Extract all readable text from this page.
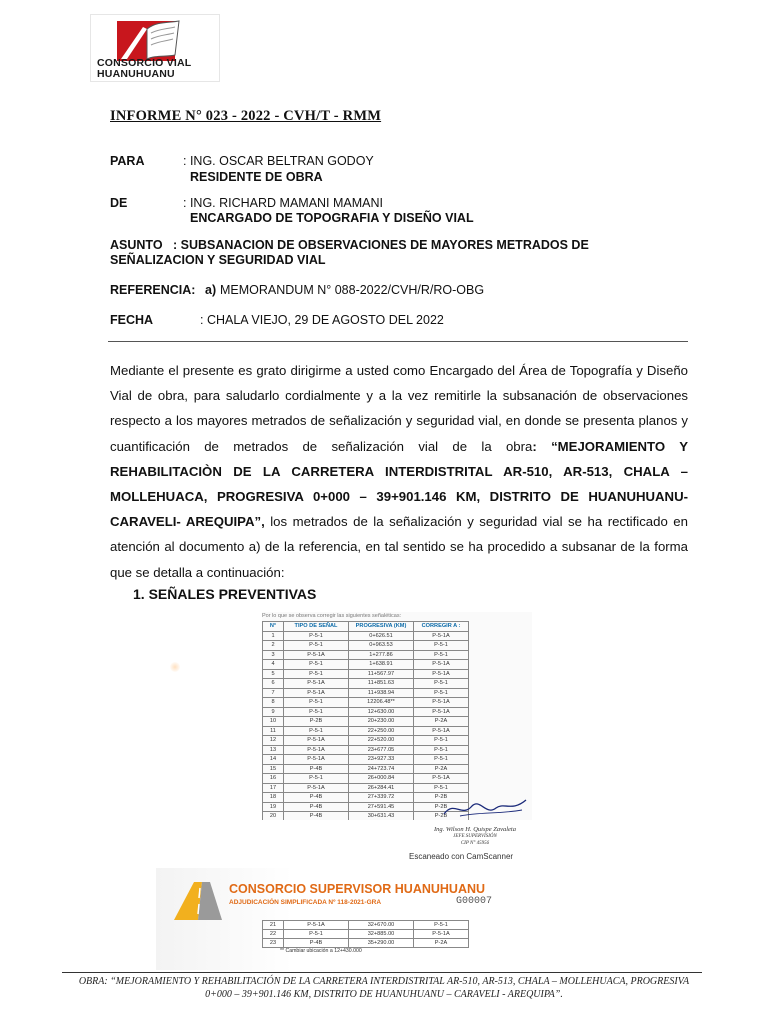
CONSORCIO VIAL
HUANUHUANU
INFORME N° 023 - 2022 - CVH/T - RMM
PARA	: ING. OSCAR BELTRAN GODOY
RESIDENTE DE OBRA
DE	: ING. RICHARD MAMANI MAMANI
ENCARGADO DE TOPOGRAFIA Y DISEÑO VIAL
ASUNTO : SUBSANACION DE OBSERVACIONES DE MAYORES METRADOS DE
SEÑALIZACION Y SEGURIDAD VIAL
REFERENCIA: a) MEMORANDUM N° 088-2022/CVH/R/RO-OBG
FECHA	: CHALA VIEJO, 29 DE AGOSTO DEL 2022
Mediante el presente es grato dirigirme a usted como Encargado del Área de Topografía y Diseño Vial de obra, para saludarlo cordialmente y a la vez remitirle la subsanación de observaciones respecto a los mayores metrados de señalización y seguridad vial, en donde se presenta planos y cuantificación de metrados de señalización vial de la obra: “MEJORAMIENTO Y REHABILITACIÒN DE LA CARRETERA INTERDISTRITAL AR-510, AR-513, CHALA – MOLLEHUACA, PROGRESIVA 0+000 – 39+901.146 KM, DISTRITO DE HUANUHUANU-CARAVELI- AREQUIPA”, los metrados de la señalización y seguridad vial se ha rectificado en atención al documento a) de la referencia, en tal sentido se ha procedido a subsanar de la forma que se detalla a continuación:
1. SEÑALES PREVENTIVAS
Por lo que se observa corregir las siguientes señaléticas:
N°	TIPO DE SEÑAL	PROGRESIVA (KM)	CORREGIR A :
1	P-5-1	0+626.51	P-5-1A
2	P-5-1	0+963.53	P-5-1
3	P-5-1A	1+277.86	P-5-1
4	P-5-1	1+638.91	P-5-1A
5	P-5-1	11+567.97	P-5-1A
6	P-5-1A	11+851.63	P-5-1
7	P-5-1A	11+938.94	P-5-1
8	P-5-1	12206.48**	P-5-1A
9	P-5-1	12+630.00	P-5-1A
10	P-2B	20+230.00	P-2A
11	P-5-1	22+250.00	P-5-1A
12	P-5-1A	22+520.00	P-5-1
13	P-5-1A	23+677.05	P-5-1
14	P-5-1A	23+927.33	P-5-1
15	P-4B	24+723.74	P-2A
16	P-5-1	26+000.84	P-5-1A
17	P-5-1A	26+284.41	P-5-1
18	P-4B	27+339.72	P-2B
19	P-4B	27+591.45	P-2B
20	P-4B	30+631.43	P-2B
Ing. Wilson H. Quispe Zavaleta
JEFE SUPERVISIÓN
CIP N° 45956
Escaneado con CamScanner
CONSORCIO SUPERVISOR HUANUHUANU
ADJUDICACIÓN SIMPLIFICADA Nº 118-2021-GRA	G00007
21	P-5-1A	32+670.00	P-5-1
22	P-5-1	32+885.00	P-5-1A
23	P-4B	35+290.00	P-2A
** Cambiar ubicación a 12+430.000
OBRA: “MEJORAMIENTO Y REHABILITACIÓN DE LA CARRETERA INTERDISTRITAL AR-510, AR-513, CHALA – MOLLEHUACA, PROGRESIVA
0+000 – 39+901.146 KM, DISTRITO DE HUANUHUANU – CARAVELI - AREQUIPA”.
